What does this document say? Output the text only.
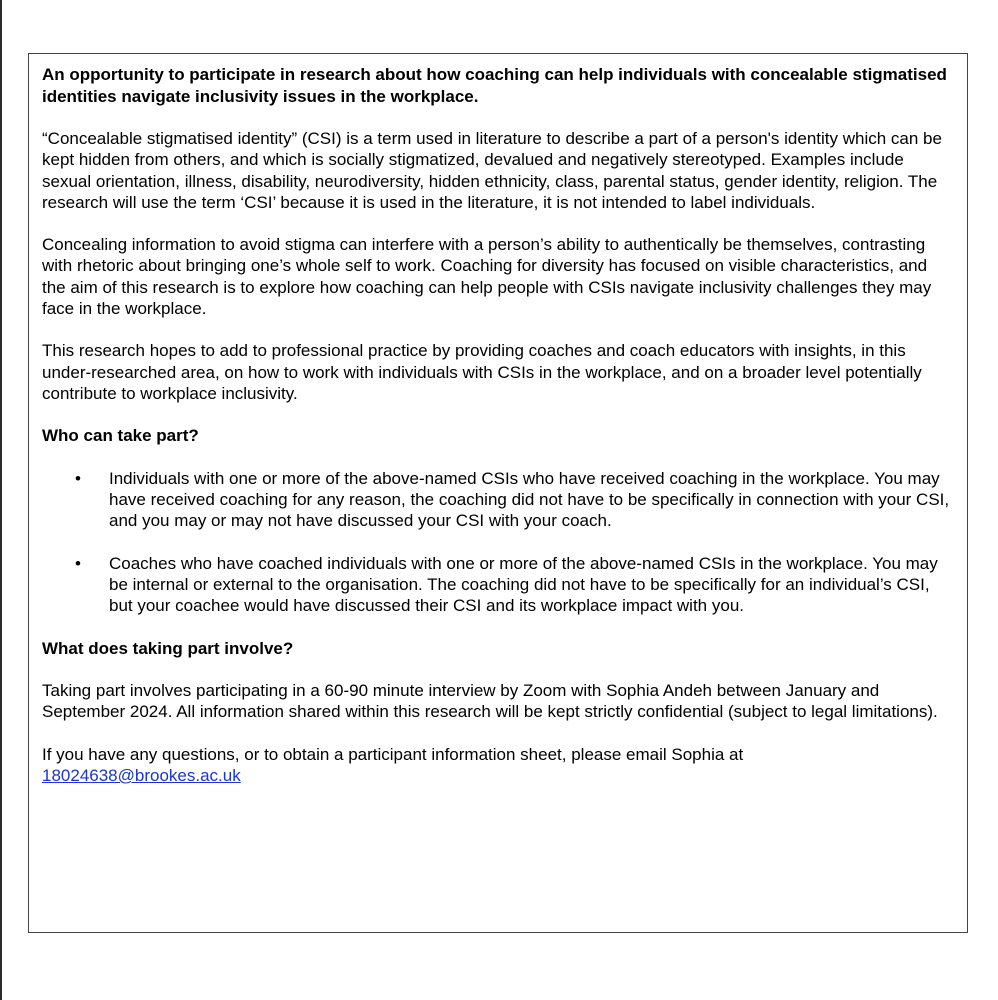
An opportunity to participate in research about how coaching can help individuals with concealable stigmatised identities navigate inclusivity issues in the workplace.

“Concealable stigmatised identity” (CSI) is a term used in literature to describe a part of a person's identity which can be kept hidden from others, and which is socially stigmatized, devalued and negatively stereotyped. Examples include sexual orientation, illness, disability, neurodiversity, hidden ethnicity, class, parental status, gender identity, religion. The research will use the term ‘CSI’ because it is used in the literature, it is not intended to label individuals.

Concealing information to avoid stigma can interfere with a person’s ability to authentically be themselves, contrasting with rhetoric about bringing one’s whole self to work. Coaching for diversity has focused on visible characteristics, and the aim of this research is to explore how coaching can help people with CSIs navigate inclusivity challenges they may face in the workplace.

This research hopes to add to professional practice by providing coaches and coach educators with insights, in this under-researched area, on how to work with individuals with CSIs in the workplace, and on a broader level potentially contribute to workplace inclusivity.

Who can take part?

• Individuals with one or more of the above-named CSIs who have received coaching in the workplace. You may have received coaching for any reason, the coaching did not have to be specifically in connection with your CSI, and you may or may not have discussed your CSI with your coach.
• Coaches who have coached individuals with one or more of the above-named CSIs in the workplace. You may be internal or external to the organisation. The coaching did not have to be specifically for an individual’s CSI, but your coachee would have discussed their CSI and its workplace impact with you.

What does taking part involve?

Taking part involves participating in a 60-90 minute interview by Zoom with Sophia Andeh between January and September 2024. All information shared within this research will be kept strictly confidential (subject to legal limitations).

If you have any questions, or to obtain a participant information sheet, please email Sophia at
18024638@brookes.ac.uk
